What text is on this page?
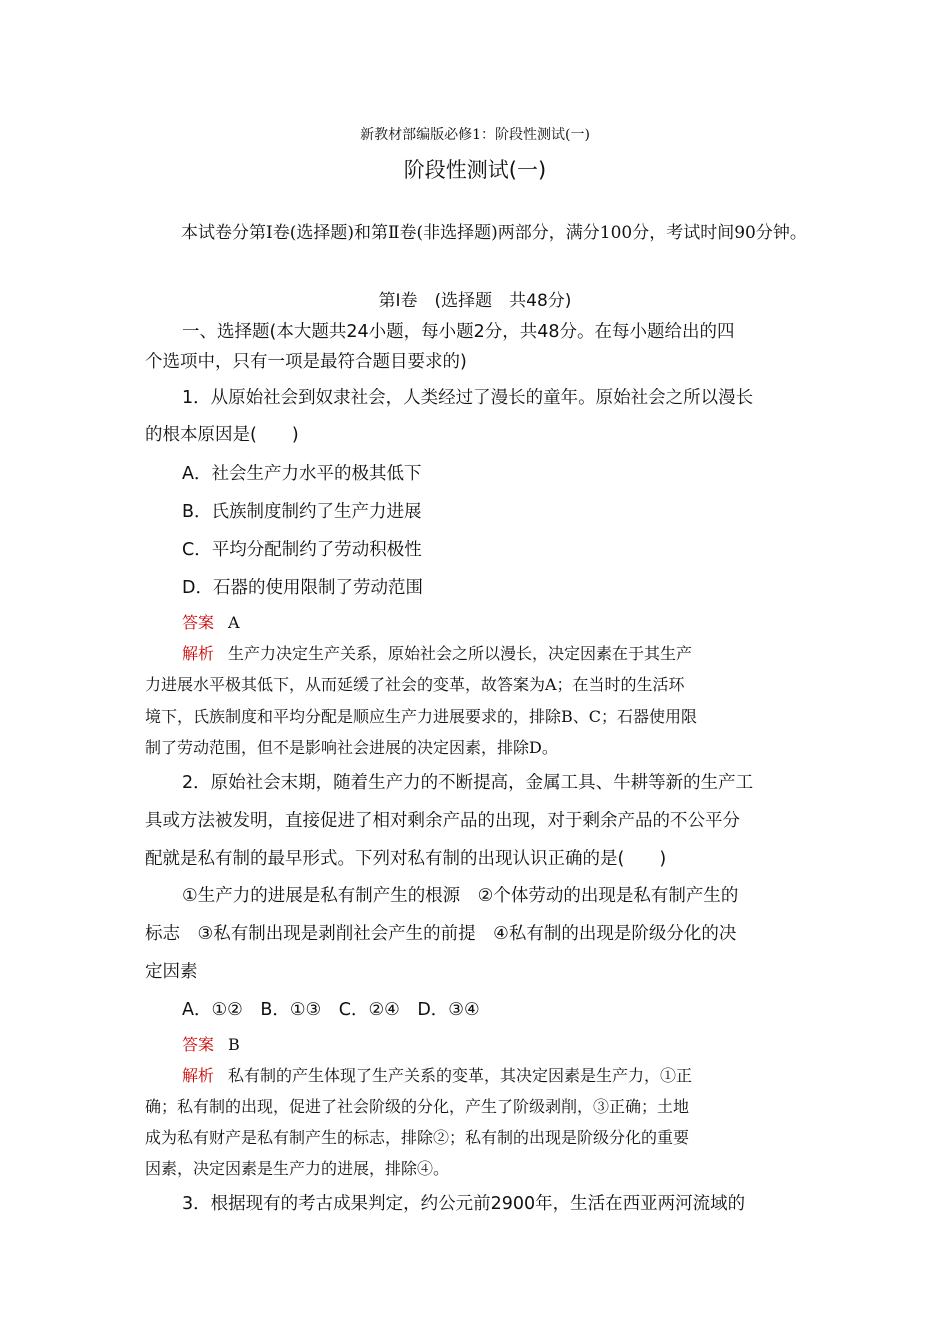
新教材部编版必修1：阶段性测试(一)
阶段性测试(一)
本试卷分第Ⅰ卷(选择题)和第Ⅱ卷(非选择题)两部分，满分100分，考试时间90分钟。
第Ⅰ卷　(选择题　共48分)
一、选择题(本大题共24小题，每小题2分，共48分。在每小题给出的四
个选项中，只有一项是最符合题目要求的)
1．从原始社会到奴隶社会，人类经过了漫长的童年。原始社会之所以漫长
的根本原因是(　　)
A．社会生产力水平的极其低下
B．氏族制度制约了生产力进展
C．平均分配制约了劳动积极性
D．石器的使用限制了劳动范围
答案 A
解析 生产力决定生产关系，原始社会之所以漫长，决定因素在于其生产
力进展水平极其低下，从而延缓了社会的变革，故答案为A；在当时的生活环
境下，氏族制度和平均分配是顺应生产力进展要求的，排除B、C；石器使用限
制了劳动范围，但不是影响社会进展的决定因素，排除D。
2．原始社会末期，随着生产力的不断提高，金属工具、牛耕等新的生产工
具或方法被发明，直接促进了相对剩余产品的出现，对于剩余产品的不公平分
配就是私有制的最早形式。下列对私有制的出现认识正确的是(　　)
①生产力的进展是私有制产生的根源　②个体劳动的出现是私有制产生的
标志　③私有制出现是剥削社会产生的前提　④私有制的出现是阶级分化的决
定因素
A．①②　B．①③　C．②④　D．③④
答案 B
解析 私有制的产生体现了生产关系的变革，其决定因素是生产力，①正
确；私有制的出现，促进了社会阶级的分化，产生了阶级剥削，③正确；土地
成为私有财产是私有制产生的标志，排除②；私有制的出现是阶级分化的重要
因素，决定因素是生产力的进展，排除④。
3．根据现有的考古成果判定，约公元前2900年，生活在西亚两河流域的
